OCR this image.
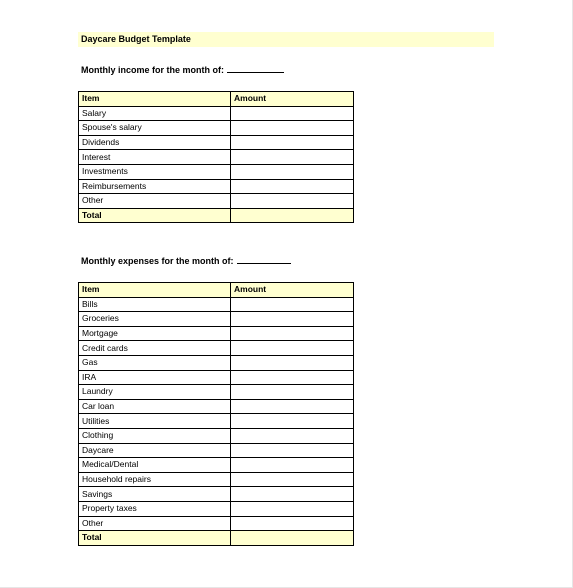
Daycare Budget Template
Monthly income for the month of:
Item	Amount
Salary	
Spouse's salary	
Dividends	
Interest	
Investments	
Reimbursements	
Other	
Total	
Monthly expenses for the month of:
Item	Amount
Bills	
Groceries	
Mortgage	
Credit cards	
Gas	
IRA	
Laundry	
Car loan	
Utilities	
Clothing	
Daycare	
Medical/Dental	
Household repairs	
Savings	
Property taxes	
Other	
Total	
